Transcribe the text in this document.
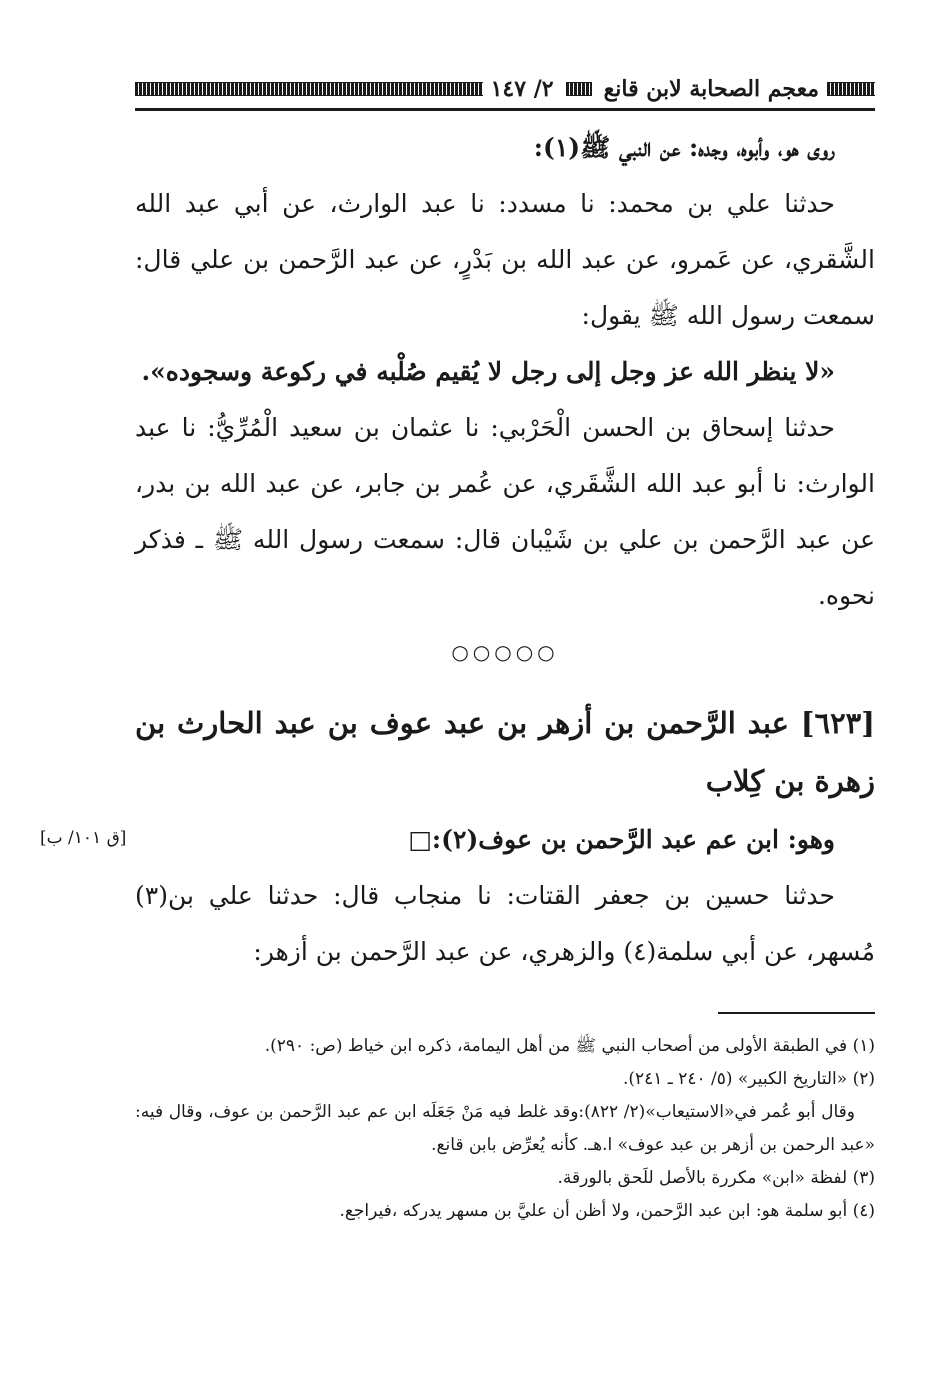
معجم الصحابة لابن قانع
٢/ ١٤٧

روى هو، وأبوه، وجده: عن النبي ﷺ(١):

حدثنا علي بن محمد: نا مسدد: نا عبد الوارث، عن أبي عبد الله الشَّقري، عن عَمرو، عن عبد الله بن بَدْرٍ، عن عبد الرَّحمن بن علي قال: سمعت رسول الله ﷺ يقول:

«لا ينظر الله عز وجل إلى رجل لا يُقيم صُلْبه في ركوعة وسجوده».

حدثنا إسحاق بن الحسن الْحَرْبي: نا عثمان بن سعيد الْمُرِّيُّ: نا عبد الوارث: نا أبو عبد الله الشَّقَري، عن عُمر بن جابر، عن عبد الله بن بدر، عن عبد الرَّحمن بن علي بن شَيْبان قال: سمعت رسول الله ﷺ ـ فذكر نحوه.

○○○○○

[٦٢٣] عبد الرَّحمن بن أزهر بن عبد عوف بن عبد الحارث بن زهرة بن كِلاب

وهو: ابن عم عبد الرَّحمن بن عوف(٢):□

حدثنا حسين بن جعفر القتات: نا منجاب قال: حدثنا علي بن(٣) مُسهر، عن أبي سلمة(٤) والزهري، عن عبد الرَّحمن بن أزهر:

[ق ١٠١/ ب]

(١) في الطبقة الأولى من أصحاب النبي ﷺ من أهل اليمامة، ذكره ابن خياط (ص: ٢٩٠).

(٢) «التاريخ الكبير» (٥/ ٢٤٠ ـ ٢٤١).

وقال أبو عُمر في«الاستيعاب»(٢/ ٨٢٢):وقد غلط فيه مَنْ جَعَلَه ابن عم عبد الرَّحمن بن عوف، وقال فيه: «عبد الرحمن بن أزهر بن عبد عوف» ا.هـ. كأنه يُعرِّض بابن قانع.

(٣) لفظة «ابن» مكررة بالأصل للَحق بالورقة.

(٤) أبو سلمة هو: ابن عبد الرَّحمن، ولا أظن أن عليَّ بن مسهر يدركه ،فيراجع.
